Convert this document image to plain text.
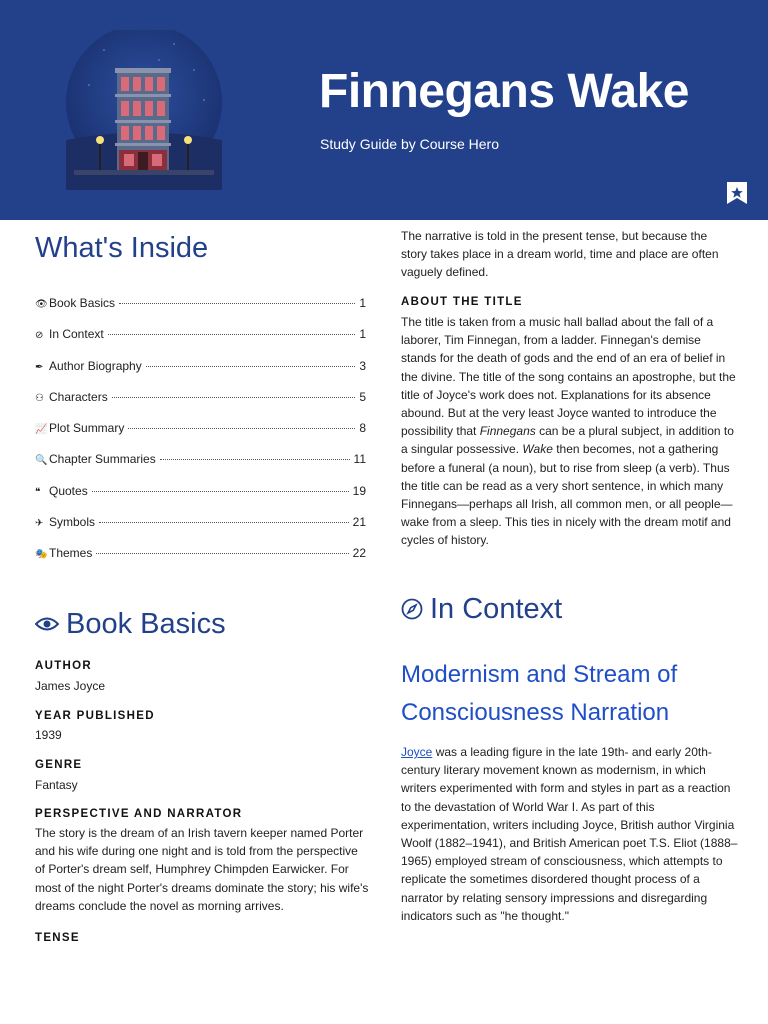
Finnegans Wake
Study Guide by Course Hero
What's Inside
👁 Book Basics	1
⊘ In Context	1
✒ Author Biography	3
⚇ Characters	5
📈 Plot Summary	8
🔍 Chapter Summaries	11
❝ Quotes	19
✈ Symbols	21
🎭 Themes	22
Book Basics
AUTHOR
James Joyce
YEAR PUBLISHED
1939
GENRE
Fantasy
PERSPECTIVE AND NARRATOR

The story is the dream of an Irish tavern keeper named Porter and his wife during one night and is told from the perspective of Porter's dream self, Humphrey Chimpden Earwicker. For most of the night Porter's dreams dominate the story; his wife's dreams conclude the novel as morning arrives.

TENSE

The narrative is told in the present tense, but because the story takes place in a dream world, time and place are often vaguely defined.

ABOUT THE TITLE

The title is taken from a music hall ballad about the fall of a laborer, Tim Finnegan, from a ladder. Finnegan's demise stands for the death of gods and the end of an era of belief in the divine. The title of the song contains an apostrophe, but the title of Joyce's work does not. Explanations for its absence abound. But at the very least Joyce wanted to introduce the possibility that Finnegans can be a plural subject, in addition to a singular possessive. Wake then becomes, not a gathering before a funeral (a noun), but to rise from sleep (a verb). Thus the title can be read as a very short sentence, in which many Finnegans—perhaps all Irish, all common men, or all people—wake from a sleep. This ties in nicely with the dream motif and cycles of history.

In Context
Modernism and Stream of Consciousness Narration

Joyce was a leading figure in the late 19th- and early 20th-century literary movement known as modernism, in which writers experimented with form and styles in part as a reaction to the devastation of World War I. As part of this experimentation, writers including Joyce, British author Virginia Woolf (1882–1941), and British American poet T.S. Eliot (1888–1965) employed stream of consciousness, which attempts to replicate the sometimes disordered thought process of a narrator by relating sensory impressions and disregarding indicators such as "he thought."
